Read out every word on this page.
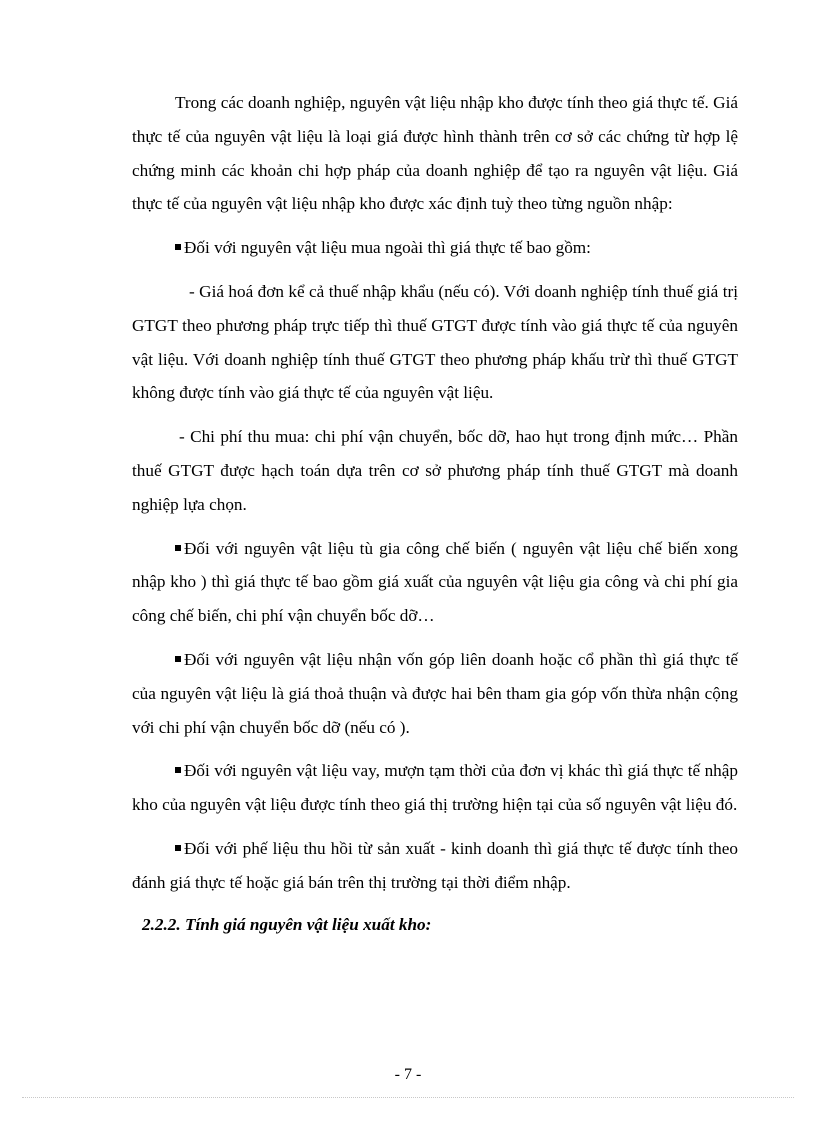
Trong các doanh nghiệp, nguyên vật liệu nhập kho được tính theo giá thực tế. Giá thực tế của nguyên vật liệu là loại giá được hình thành trên cơ sở các chứng từ hợp lệ chứng minh các khoản chi hợp pháp của doanh nghiệp để tạo ra nguyên vật liệu. Giá thực tế của nguyên vật liệu nhập kho được xác định tuỳ theo từng nguồn nhập:

Đối với nguyên vật liệu mua ngoài thì giá thực tế bao gồm:

- Giá hoá đơn kể cả thuế nhập khẩu (nếu có). Với doanh nghiệp tính thuế giá trị GTGT theo phương pháp trực tiếp thì thuế GTGT được tính vào giá thực tế của nguyên vật liệu. Với doanh nghiệp tính thuế GTGT theo phương pháp khấu trừ thì thuế GTGT không được tính vào giá thực tế của nguyên vật liệu.

- Chi phí thu mua: chi phí vận chuyển, bốc dỡ, hao hụt trong định mức… Phần thuế GTGT được hạch toán dựa trên cơ sở phương pháp tính thuế GTGT mà doanh nghiệp lựa chọn.

Đối với nguyên vật liệu tù gia công chế biến ( nguyên vật liệu chế biến xong nhập kho ) thì giá thực tế bao gồm giá xuất của nguyên vật liệu gia công và chi phí gia công chế biến, chi phí vận chuyển bốc dỡ…

Đối với nguyên vật liệu nhận vốn góp liên doanh hoặc cổ phần thì giá thực tế của nguyên vật liệu là giá thoả thuận và được hai bên tham gia góp vốn thừa nhận cộng với chi phí vận chuyển bốc dỡ (nếu có ).

Đối với nguyên vật liệu vay, mượn tạm thời của đơn vị khác thì giá thực tế nhập kho của nguyên vật liệu được tính theo giá thị trường hiện tại của số nguyên vật liệu đó.

Đối với phế liệu thu hồi từ sản xuất - kinh doanh thì giá thực tế được tính theo đánh giá thực tế hoặc giá bán trên thị trường tại thời điểm nhập.

2.2.2. Tính giá nguyên vật liệu xuất kho:

- 7 -
